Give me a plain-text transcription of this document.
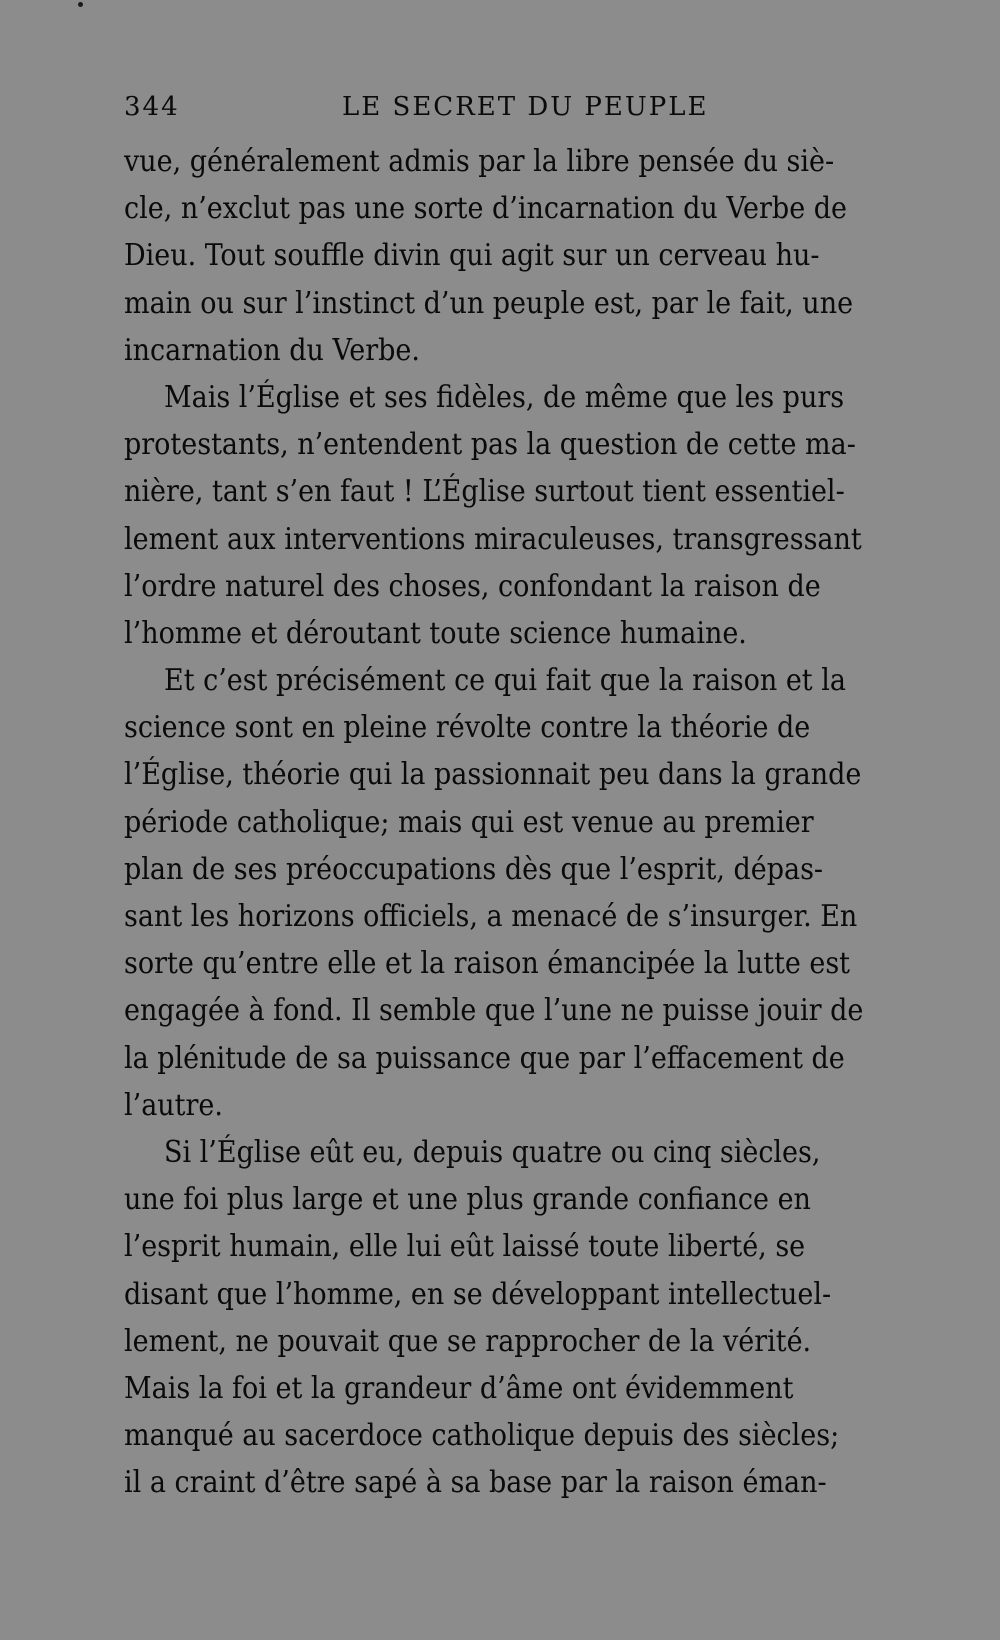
344	LE SECRET DU PEUPLE
vue, généralement admis par la libre pensée du siè-
cle, n’exclut pas une sorte d’incarnation du Verbe de
Dieu. Tout souffle divin qui agit sur un cerveau hu-
main ou sur l’instinct d’un peuple est, par le fait, une
incarnation du Verbe.
Mais l’Église et ses fidèles, de même que les purs
protestants, n’entendent pas la question de cette ma-
nière, tant s’en faut ! L’Église surtout tient essentiel-
lement aux interventions miraculeuses, transgressant
l’ordre naturel des choses, confondant la raison de
l’homme et déroutant toute science humaine.
Et c’est précisément ce qui fait que la raison et la
science sont en pleine révolte contre la théorie de
l’Église, théorie qui la passionnait peu dans la grande
période catholique; mais qui est venue au premier
plan de ses préoccupations dès que l’esprit, dépas-
sant les horizons officiels, a menacé de s’insurger. En
sorte qu’entre elle et la raison émancipée la lutte est
engagée à fond. Il semble que l’une ne puisse jouir de
la plénitude de sa puissance que par l’effacement de
l’autre.
Si l’Église eût eu, depuis quatre ou cinq siècles,
une foi plus large et une plus grande confiance en
l’esprit humain, elle lui eût laissé toute liberté, se
disant que l’homme, en se développant intellectuel-
lement, ne pouvait que se rapprocher de la vérité.
Mais la foi et la grandeur d’âme ont évidemment
manqué au sacerdoce catholique depuis des siècles;
il a craint d’être sapé à sa base par la raison éman-
